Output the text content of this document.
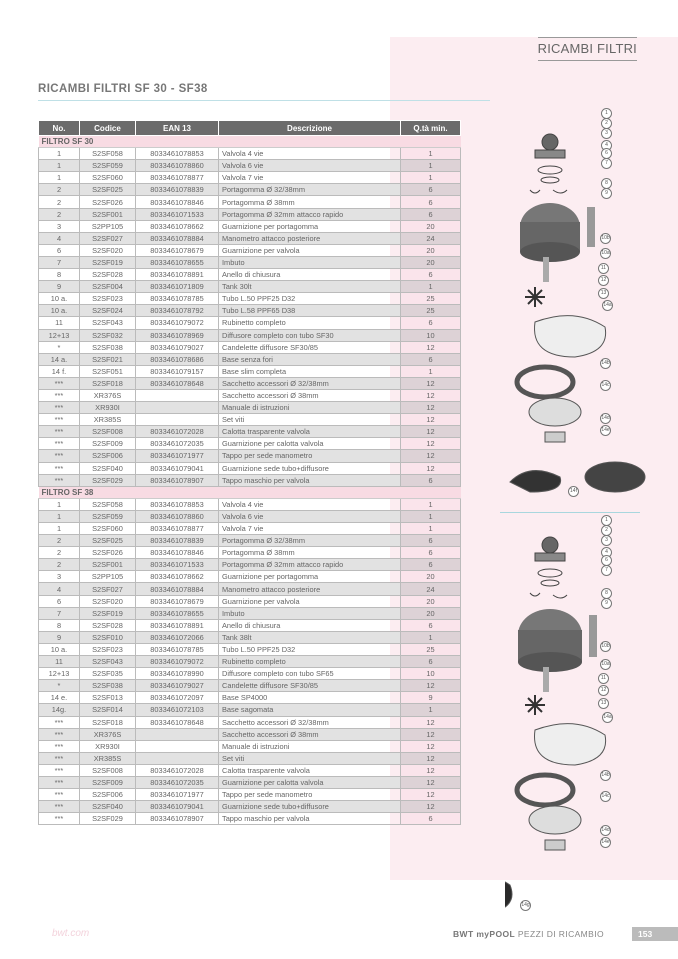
RICAMBI FILTRI
RICAMBI FILTRI SF 30 - SF38
No.	Codice	EAN 13	Descrizione	Q.tà min.
FILTRO SF 30				
1	S2SF058	8033461078853	Valvola 4 vie	1
1	S2SF059	8033461078860	Valvola 6 vie	1
1	S2SF060	8033461078877	Valvola 7 vie	1
2	S2SF025	8033461078839	Portagomma Ø 32/38mm	6
2	S2SF026	8033461078846	Portagomma Ø 38mm	6
2	S2SF001	8033461071533	Portagomma Ø 32mm attacco rapido	6
3	S2PP105	8033461078662	Guarnizione per portagomma	20
4	S2SF027	8033461078884	Manometro attacco posteriore	24
6	S2SF020	8033461078679	Guarnizione per valvola	20
7	S2SF019	8033461078655	Imbuto	20
8	S2SF028	8033461078891	Anello di chiusura	6
9	S2SF004	8033461071809	Tank 30lt	1
10 a.	S2SF023	8033461078785	Tubo L.50 PPF25 D32	25
10 a.	S2SF024	8033461078792	Tubo L.58 PPF65 D38	25
11	S2SF043	8033461079072	Rubinetto completo	6
12+13	S2SF032	8033461078969	Diffusore completo con tubo SF30	10
*	S2SF038	8033461079027	Candelette diffusore SF30/85	12
14 a.	S2SF021	8033461078686	Base senza fori	6
14 f.	S2SF051	8033461079157	Base slim completa	1
***	S2SF018	8033461078648	Sacchetto accessori Ø 32/38mm	12
***	XR376S		Sacchetto accessori Ø 38mm	12
***	XR930I		Manuale di istruzioni	12
***	XR385S		Set viti	12
***	S2SF008	8033461072028	Calotta trasparente valvola	12
***	S2SF009	8033461072035	Guarnizione per calotta valvola	12
***	S2SF006	8033461071977	Tappo per sede manometro	12
***	S2SF040	8033461079041	Guarnizione sede tubo+diffusore	12
***	S2SF029	8033461078907	Tappo maschio per valvola	6
FILTRO SF 38				
1	S2SF058	8033461078853	Valvola 4 vie	1
1	S2SF059	8033461078860	Valvola 6 vie	1
1	S2SF060	8033461078877	Valvola 7 vie	1
2	S2SF025	8033461078839	Portagomma Ø 32/38mm	6
2	S2SF026	8033461078846	Portagomma Ø 38mm	6
2	S2SF001	8033461071533	Portagomma Ø 32mm attacco rapido	6
3	S2PP105	8033461078662	Guarnizione per portagomma	20
4	S2SF027	8033461078884	Manometro attacco posteriore	24
6	S2SF020	8033461078679	Guarnizione per valvola	20
7	S2SF019	8033461078655	Imbuto	20
8	S2SF028	8033461078891	Anello di chiusura	6
9	S2SF010	8033461072066	Tank 38lt	1
10 a.	S2SF023	8033461078785	Tubo L.50 PPF25 D32	25
11	S2SF043	8033461079072	Rubinetto completo	6
12+13	S2SF035	8033461078990	Diffusore completo con tubo SF65	10
*	S2SF038	8033461079027	Candelette diffusore SF30/85	12
14 e.	S2SF013	8033461072097	Base SP4000	9
14g.	S2SF014	8033461072103	Base sagomata	1
***	S2SF018	8033461078648	Sacchetto accessori Ø 32/38mm	12
***	XR376S		Sacchetto accessori Ø 38mm	12
***	XR930I		Manuale di istruzioni	12
***	XR385S		Set viti	12
***	S2SF008	8033461072028	Calotta trasparente valvola	12
***	S2SF009	8033461072035	Guarnizione per calotta valvola	12
***	S2SF006	8033461071977	Tappo per sede manometro	12
***	S2SF040	8033461079041	Guarnizione sede tubo+diffusore	12
***	S2SF029	8033461078907	Tappo maschio per valvola	6
1
2
3
4
6
7
8
9
10b
10a
11
12
13
14a
14b
14c
14d
14e
14f
1
2
3
4
6
7
8
9
10b
10a
11
12
13
14a
14b
14c
14d
14e
14g
bwt.com	BWT myPOOL PEZZI DI RICAMBIO	153
